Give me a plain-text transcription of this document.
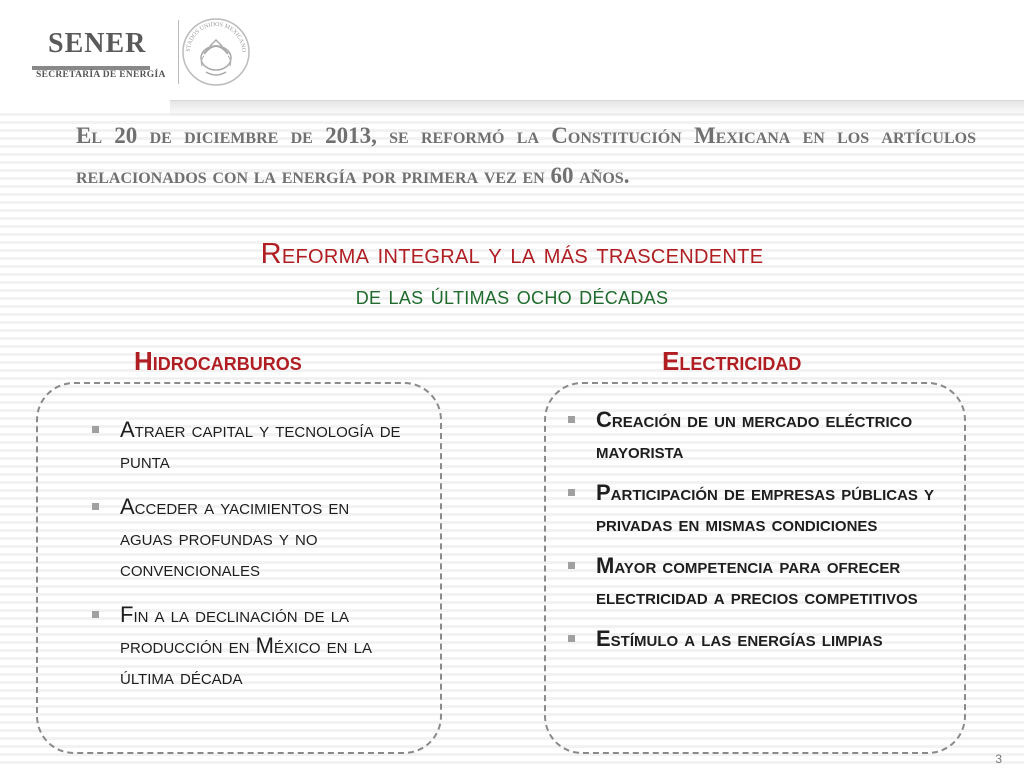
SENER
SECRETARÍA DE ENERGÍA
STADOS UNIDOS MEXICANO
El 20 de diciembre de 2013, se reformó la Constitución Mexicana en los artículos relacionados con la energía por primera vez en 60 años.
Reforma integral y la más trascendente
de las últimas ocho décadas
Hidrocarburos	Electricidad
Atraer capital y tecnología de punta
Acceder a yacimientos en aguas profundas y no convencionales
Fin a la declinación de la producción en México en la última década
Creación de un mercado eléctrico mayorista
Participación de empresas públicas y privadas en mismas condiciones
Mayor competencia para ofrecer electricidad a precios competitivos
Estímulo a las energías limpias
3
